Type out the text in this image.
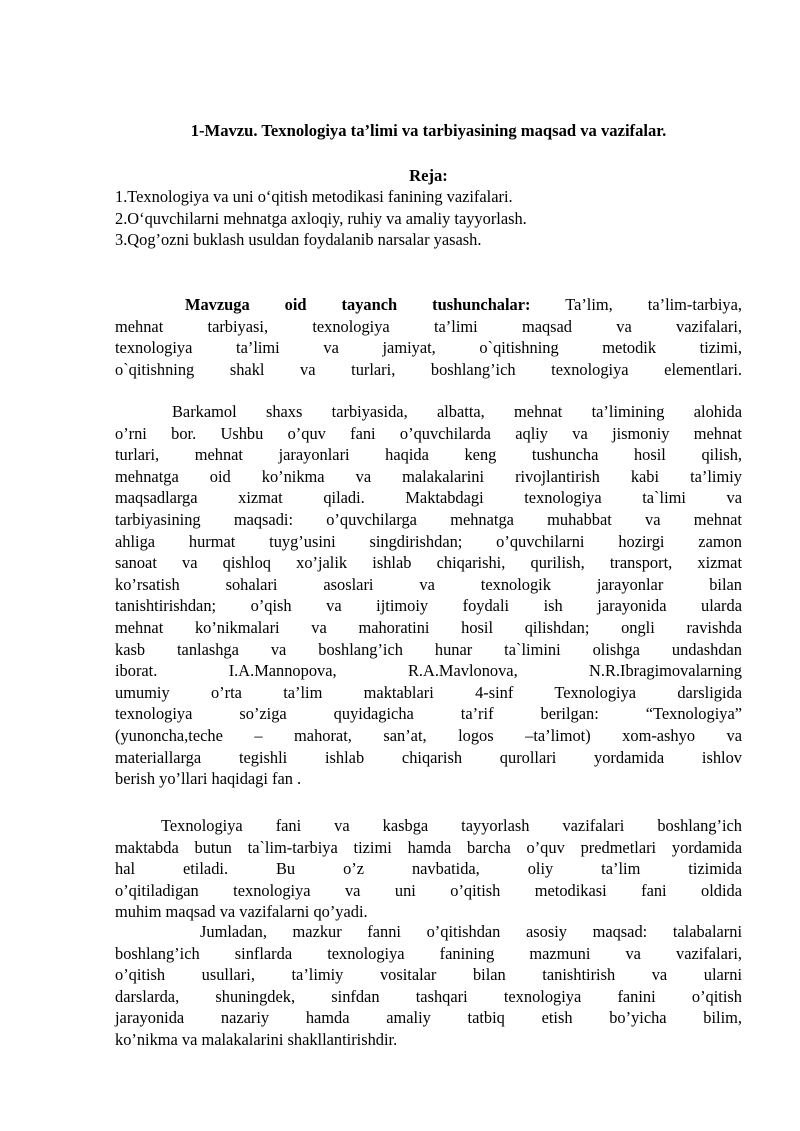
1-Mavzu. Texnologiya ta’limi va tarbiyasining maqsad va vazifalar.
Reja:
1.Texnologiya va uni o‘qitish metodikasi fanining vazifalari.
2.O‘quvchilarni mehnatga axloqiy, ruhiy va amaliy tayyorlash.
3.Qog’ozni buklash usuldan foydalanib narsalar yasash.
Mavzuga oid tayanch tushunchalar: Ta’lim, ta’lim-tarbiya,
mehnat tarbiyasi, texnologiya ta’limi maqsad va vazifalari,
texnologiya ta’limi va jamiyat, o`qitishning metodik tizimi,
o`qitishning shakl va turlari, boshlang’ich texnologiya elementlari.
Barkamol shaxs tarbiyasida, albatta, mehnat ta’limining alohida
o’rni bor. Ushbu o’quv fani o’quvchilarda aqliy va jismoniy mehnat
turlari, mehnat jarayonlari haqida keng tushuncha hosil qilish,
mehnatga oid ko’nikma va malakalarini rivojlantirish kabi ta’limiy
maqsadlarga xizmat qiladi. Maktabdagi texnologiya ta`limi va
tarbiyasining maqsadi: o’quvchilarga mehnatga muhabbat va mehnat
ahliga hurmat tuyg’usini singdirishdan; o’quvchilarni hozirgi zamon
sanoat va qishloq xo’jalik ishlab chiqarishi, qurilish, transport, xizmat
ko’rsatish sohalari asoslari va texnologik jarayonlar bilan
tanishtirishdan; o’qish va ijtimoiy foydali ish jarayonida ularda
mehnat ko’nikmalari va mahoratini hosil qilishdan; ongli ravishda
kasb tanlashga va boshlang’ich hunar ta`limini olishga undashdan
iborat. I.A.Mannopova, R.A.Mavlonova, N.R.Ibragimovalarning
umumiy o’rta ta’lim maktablari 4-sinf Texnologiya darsligida
texnologiya so’ziga quyidagicha ta’rif berilgan: “Texnologiya”
(yunoncha,teche – mahorat, san’at, logos –ta’limot) xom-ashyo va
materiallarga tegishli ishlab chiqarish qurollari yordamida ishlov
berish yo’llari haqidagi fan .
Texnologiya fani va kasbga tayyorlash vazifalari boshlang’ich
maktabda butun ta`lim-tarbiya tizimi hamda barcha o’quv predmetlari yordamida
hal etiladi. Bu o’z navbatida, oliy ta’lim tizimida
o’qitiladigan texnologiya va uni o’qitish metodikasi fani oldida
muhim maqsad va vazifalarni qo’yadi.
Jumladan, mazkur fanni o’qitishdan asosiy maqsad: talabalarni
boshlang’ich sinflarda texnologiya fanining mazmuni va vazifalari,
o’qitish usullari, ta’limiy vositalar bilan tanishtirish va ularni
darslarda, shuningdek, sinfdan tashqari texnologiya fanini o’qitish
jarayonida nazariy hamda amaliy tatbiq etish bo’yicha bilim,
ko’nikma va malakalarini shakllantirishdir.
